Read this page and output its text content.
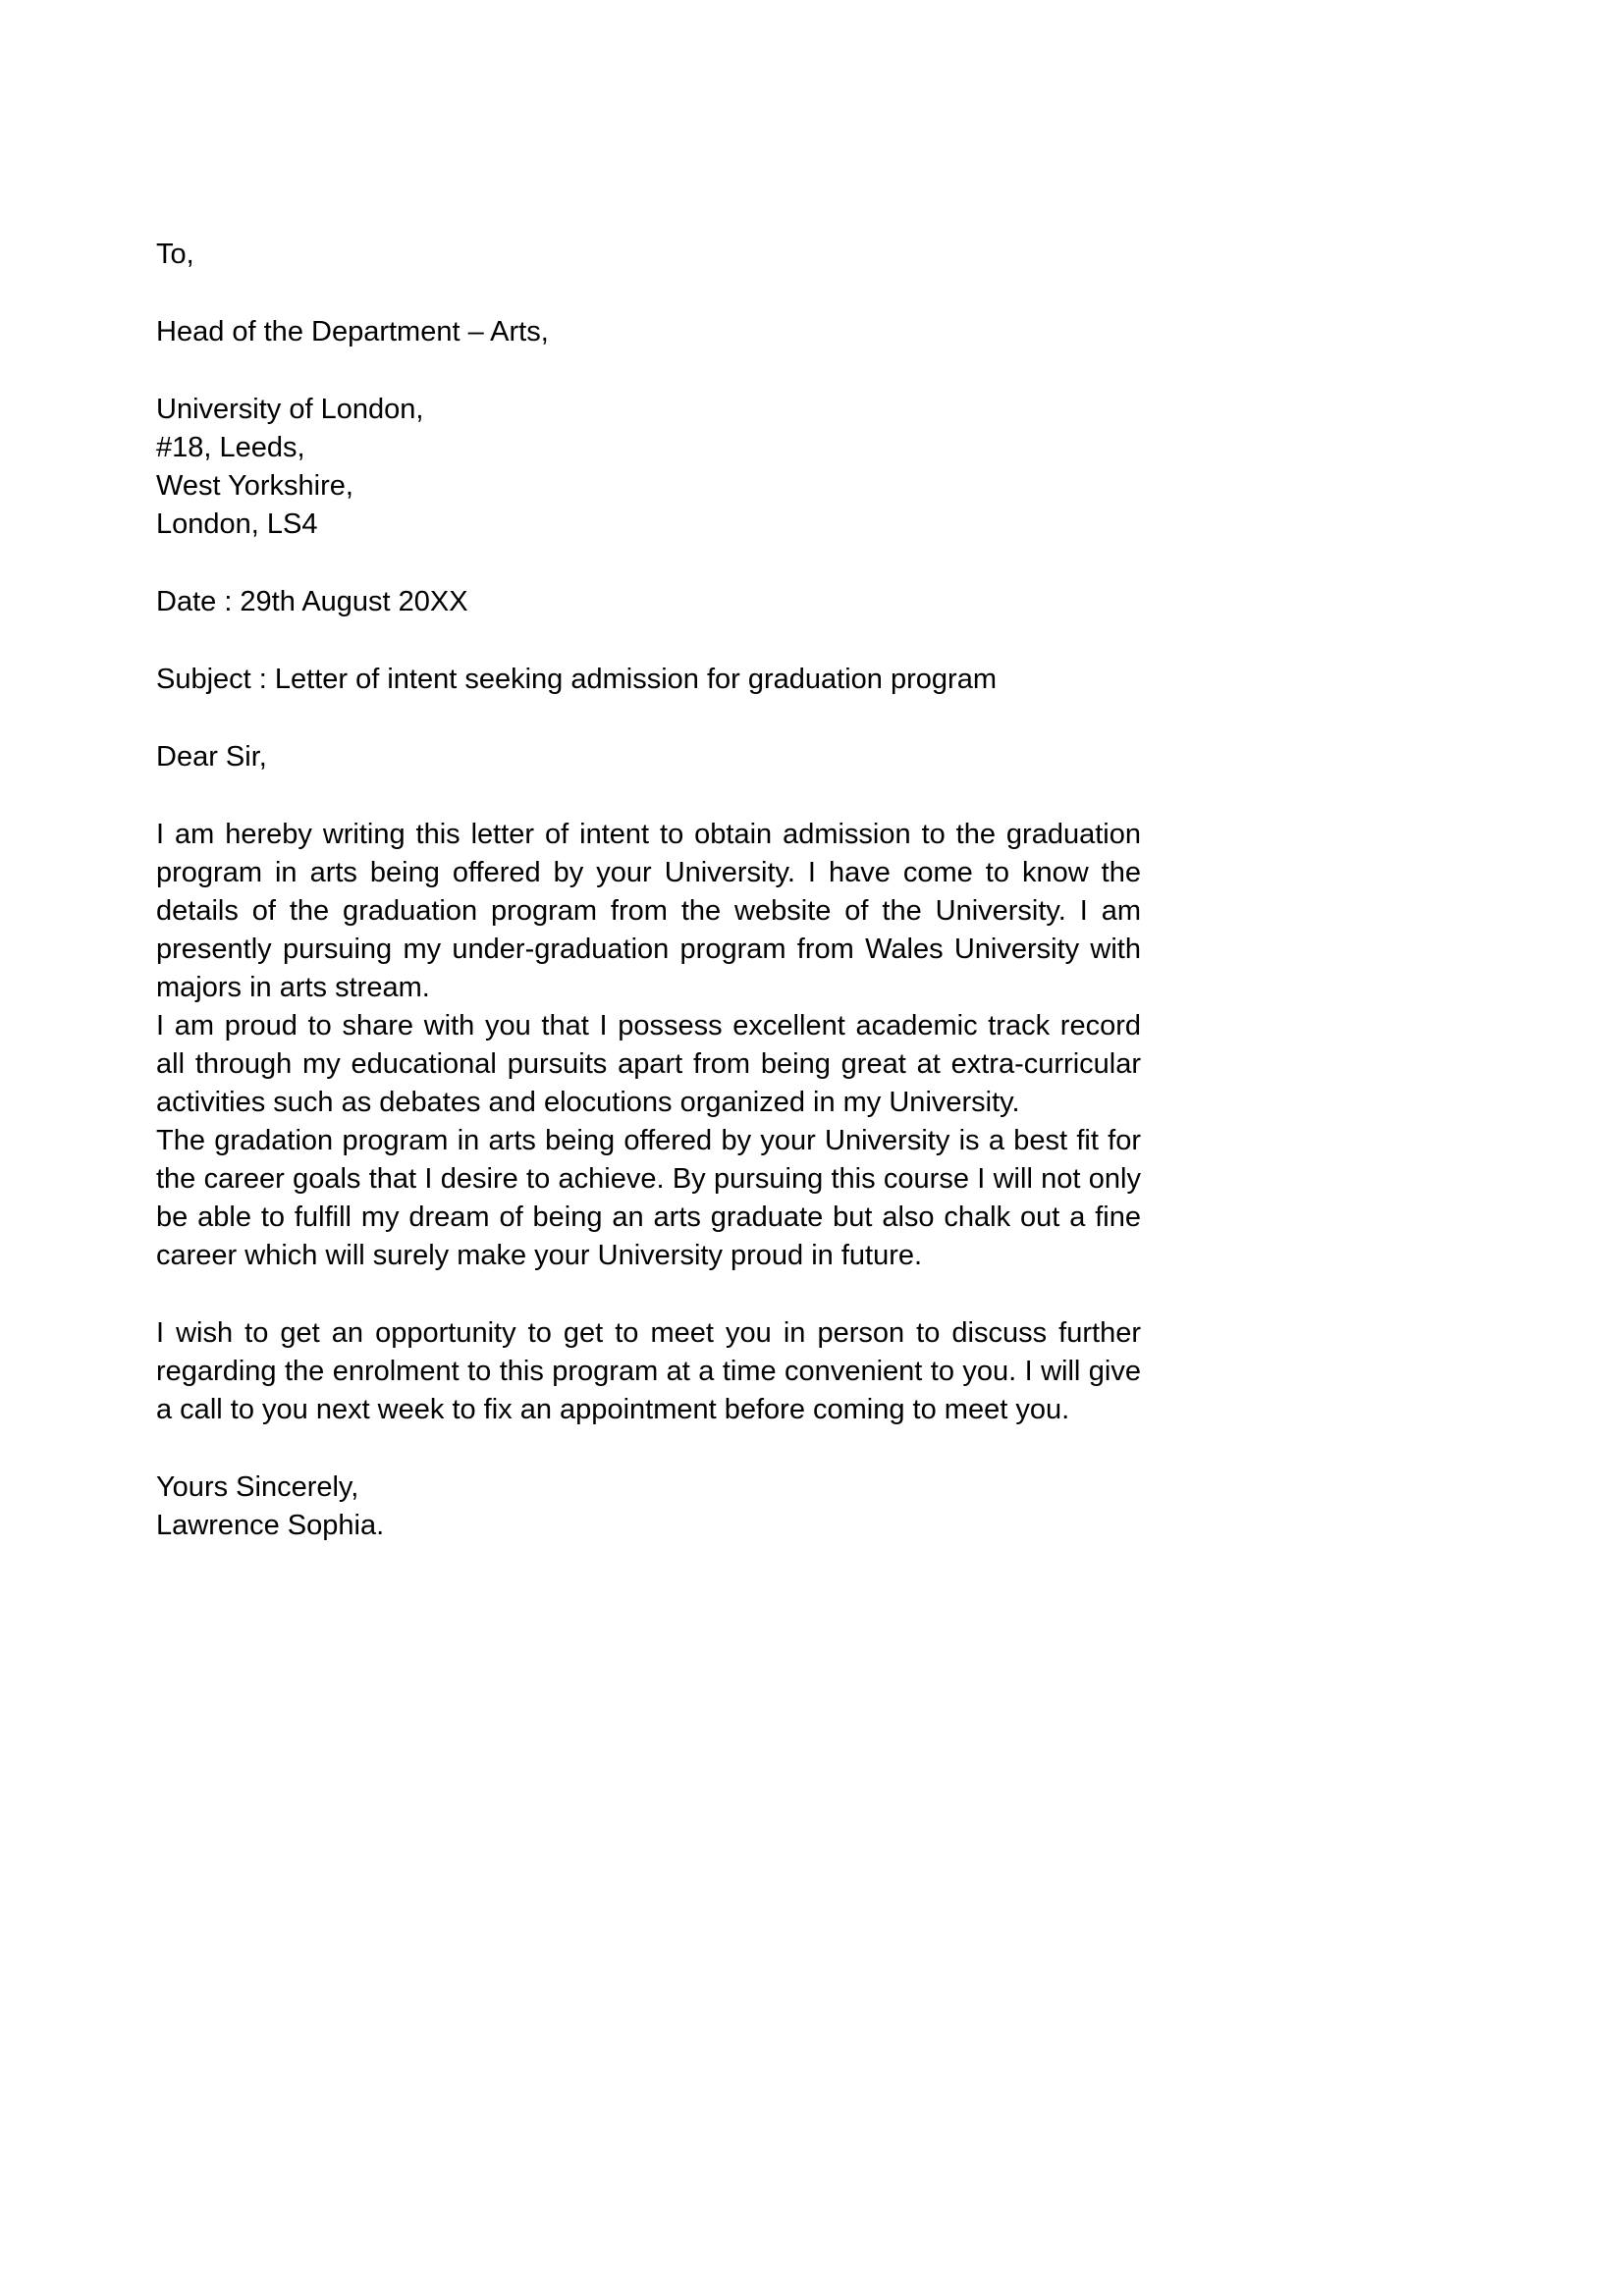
To,
Head of the Department – Arts,
University of London,
#18, Leeds,
West Yorkshire,
London, LS4
Date : 29th August 20XX
Subject : Letter of intent seeking admission for graduation program
Dear Sir,
I am hereby writing this letter of intent to obtain admission to the graduation program in arts being offered by your University. I have come to know the details of the graduation program from the website of the University. I am presently pursuing my under-graduation program from Wales University with majors in arts stream.
I am proud to share with you that I possess excellent academic track record all through my educational pursuits apart from being great at extra-curricular activities such as debates and elocutions organized in my University.
The gradation program in arts being offered by your University is a best fit for the career goals that I desire to achieve. By pursuing this course I will not only be able to fulfill my dream of being an arts graduate but also chalk out a fine career which will surely make your University proud in future.
I wish to get an opportunity to get to meet you in person to discuss further regarding the enrolment to this program at a time convenient to you. I will give a call to you next week to fix an appointment before coming to meet you.
Yours Sincerely,
Lawrence Sophia.
